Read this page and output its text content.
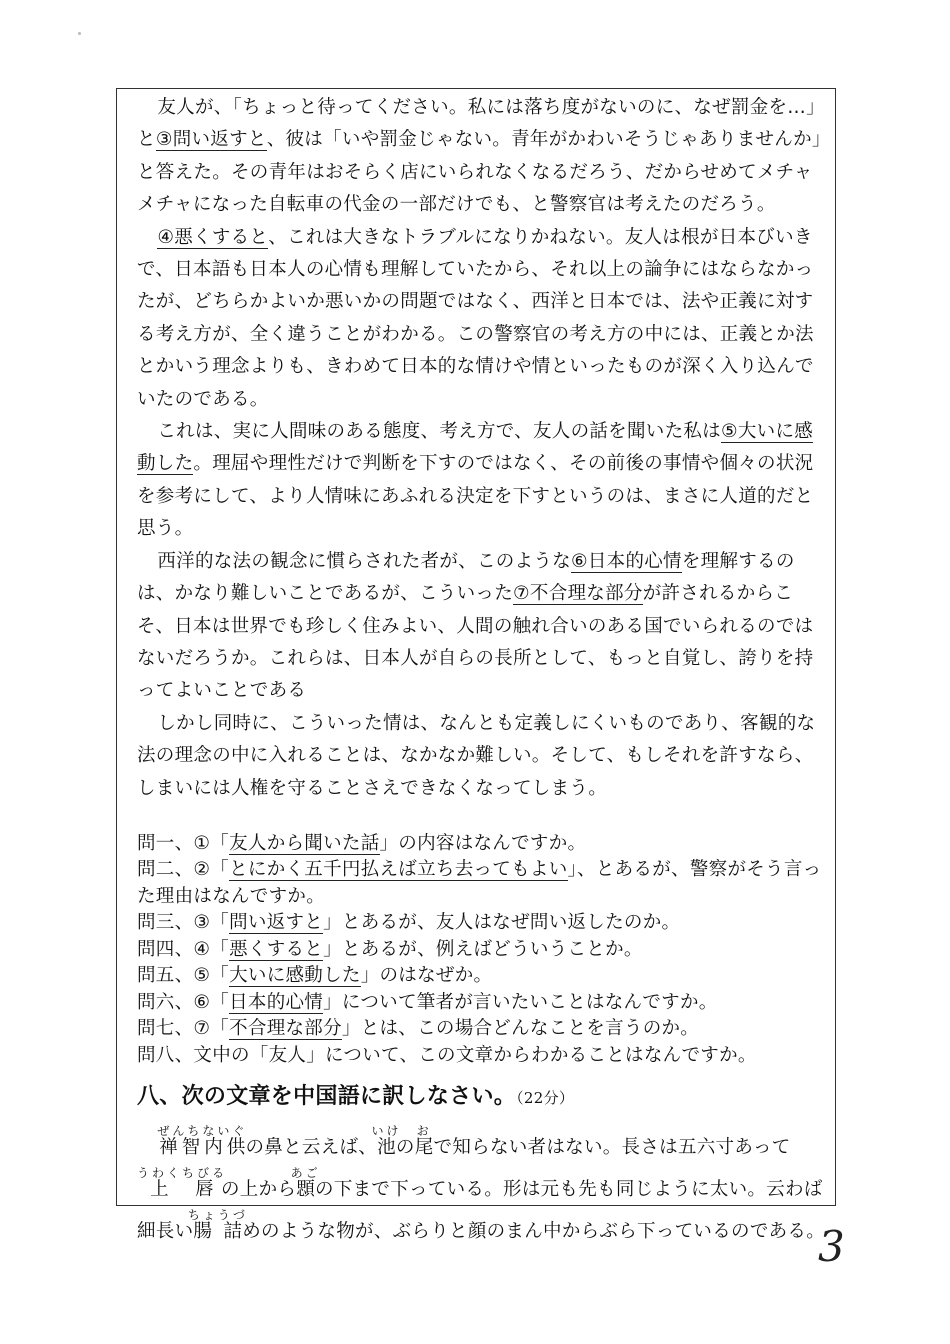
友人が、「ちょっと待ってください。私には落ち度がないのに、なぜ罰金を…」と③問い返すと、彼は「いや罰金じゃない。青年がかわいそうじゃありませんか」と答えた。その青年はおそらく店にいられなくなるだろう、だからせめてメチャメチャになった自転車の代金の一部だけでも、と警察官は考えたのだろう。

④悪くすると、これは大きなトラブルになりかねない。友人は根が日本びいきで、日本語も日本人の心情も理解していたから、それ以上の論争にはならなかったが、どちらかよいか悪いかの問題ではなく、西洋と日本では、法や正義に対する考え方が、全く違うことがわかる。この警察官の考え方の中には、正義とか法とかいう理念よりも、きわめて日本的な情けや情といったものが深く入り込んでいたのである。

これは、実に人間味のある態度、考え方で、友人の話を聞いた私は⑤大いに感動した。理屈や理性だけで判断を下すのではなく、その前後の事情や個々の状況を参考にして、より人情味にあふれる決定を下すというのは、まさに人道的だと思う。

西洋的な法の観念に慣らされた者が、このような⑥日本的心情を理解するのは、かなり難しいことであるが、こういった⑦不合理な部分が許されるからこそ、日本は世界でも珍しく住みよい、人間の触れ合いのある国でいられるのではないだろうか。これらは、日本人が自らの長所として、もっと自覚し、誇りを持ってよいことである

しかし同時に、こういった情は、なんとも定義しにくいものであり、客観的な法の理念の中に入れることは、なかなか難しい。そして、もしそれを許すなら、しまいには人権を守ることさえできなくなってしまう。

問一、①「友人から聞いた話」の内容はなんですか。

問二、②「とにかく五千円払えば立ち去ってもよい」、とあるが、警察がそう言った理由はなんですか。

問三、③「問い返すと」とあるが、友人はなぜ問い返したのか。

問四、④「悪くすると」とあるが、例えばどういうことか。

問五、⑤「大いに感動した」のはなぜか。

問六、⑥「日本的心情」について筆者が言いたいことはなんですか。

問七、⑦「不合理な部分」とは、この場合どんなことを言うのか。

問八、文中の「友人」について、この文章からわかることはなんですか。

八、次の文章を中国語に訳しなさい。（22分）

禅智内供ぜんちないぐの鼻と云えば、池いけの尾おで知らない者はない。長さは五六寸あって上唇うわくちびるの上から顋あごの下まで下っている。形は元も先も同じように太い。云わば細長い腸詰ちょうづめのような物が、ぶらりと顔のまん中からぶら下っているのである。

3
